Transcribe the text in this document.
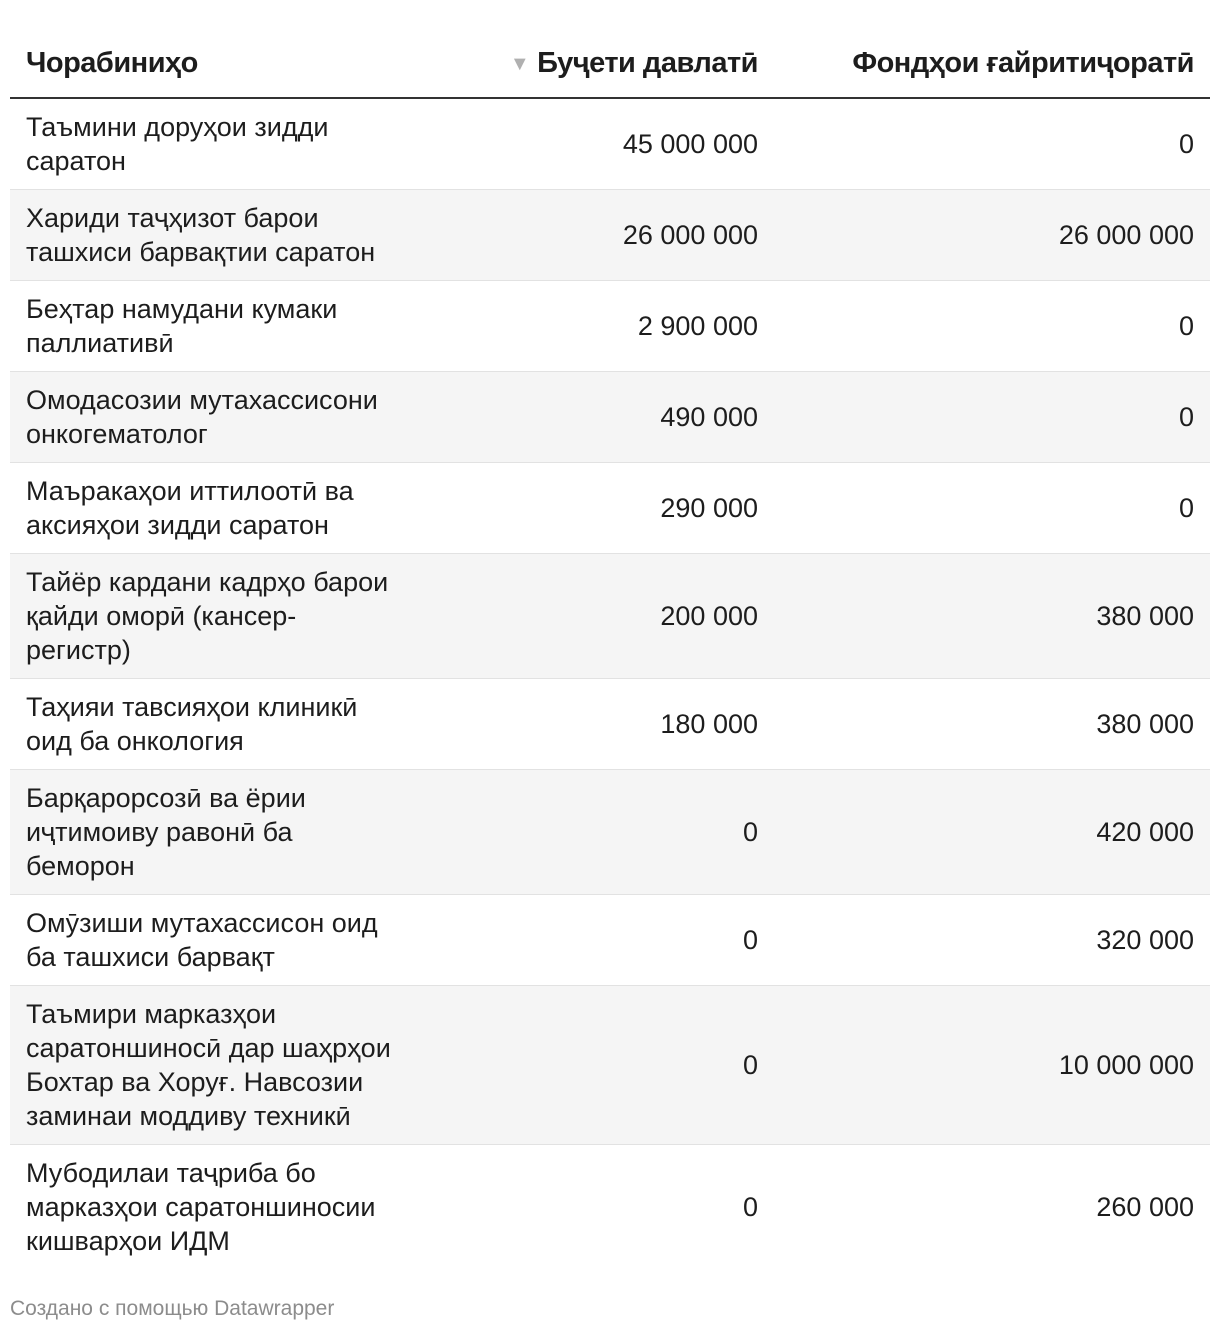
Чорабиниҳо	▼ Буҷети давлатӣ	Фондҳои ғайритиҷоратӣ
Таъмини доруҳои зидди саратон	45 000 000	0
Хариди таҷҳизот барои ташхиси барвақтии саратон	26 000 000	26 000 000
Беҳтар намудани кумаки паллиативӣ	2 900 000	0
Омодасозии мутахассисони онкогематолог	490 000	0
Маъракаҳои иттилоотӣ ва аксияҳои зидди саратон	290 000	0
Тайёр кардани кадрҳо барои қайди оморӣ (кансер-регистр)	200 000	380 000
Таҳияи тавсияҳои клиникӣ оид ба онкология	180 000	380 000
Барқарорсозӣ ва ёрии иҷтимоиву равонӣ ба беморон	0	420 000
Омӯзиши мутахассисон оид ба ташхиси барвақт	0	320 000
Таъмири марказҳои саратоншиносӣ дар шаҳрҳои Бохтар ва Хоруғ. Навсозии заминаи моддиву техникӣ	0	10 000 000
Мубодилаи таҷриба бо марказҳои саратоншиносии кишварҳои ИДМ	0	260 000
Создано с помощью Datawrapper
